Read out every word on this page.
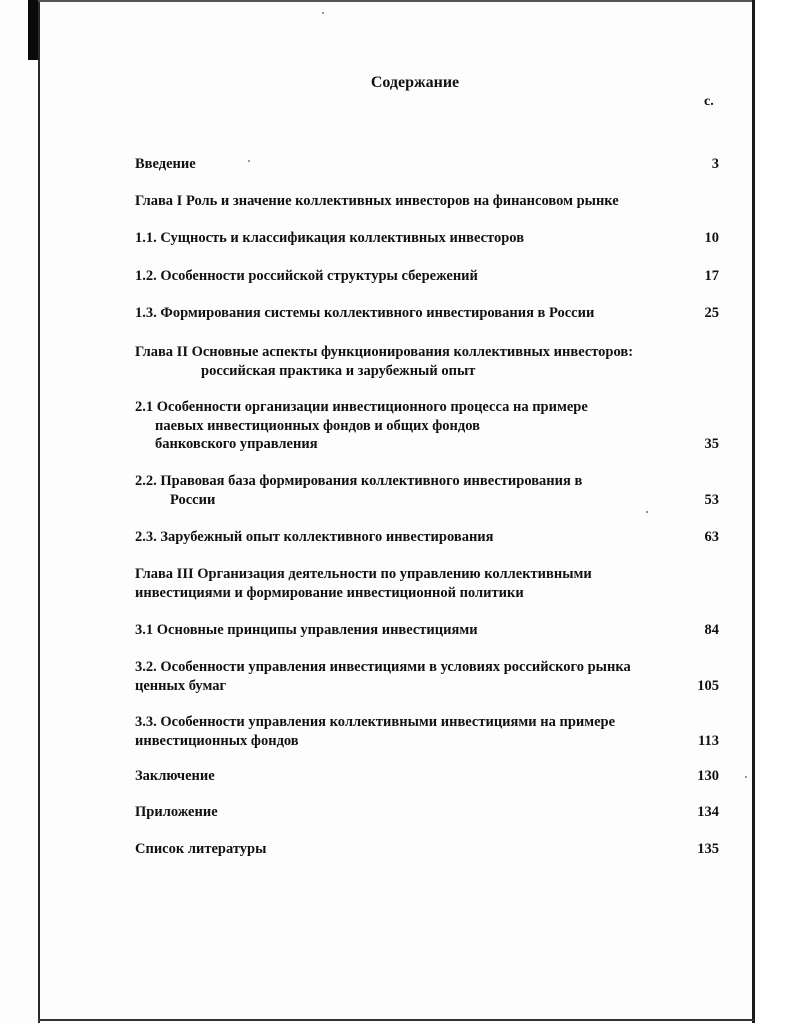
Содержание
с.
Введение	3
Глава I Роль и значение коллективных инвесторов на финансовом рынке
1.1. Сущность и классификация коллективных инвесторов	10
1.2. Особенности российской структуры сбережений	17
1.3. Формирования системы коллективного инвестирования в России	25
Глава II Основные аспекты функционирования коллективных инвесторов:
российская практика и зарубежный опыт
2.1 Особенности организации инвестиционного процесса на примере
паевых инвестиционных фондов и общих фондов
банковского управления	35
2.2. Правовая база формирования коллективного инвестирования в
России	53
2.3. Зарубежный опыт коллективного инвестирования	63
Глава III Организация деятельности по управлению коллективными
инвестициями и формирование инвестиционной политики
3.1 Основные принципы управления инвестициями	84
3.2. Особенности управления инвестициями в условиях российского рынка
ценных бумаг	105
3.3. Особенности управления коллективными инвестициями на примере
инвестиционных фондов	113
Заключение	130
Приложение	134
Список литературы	135
